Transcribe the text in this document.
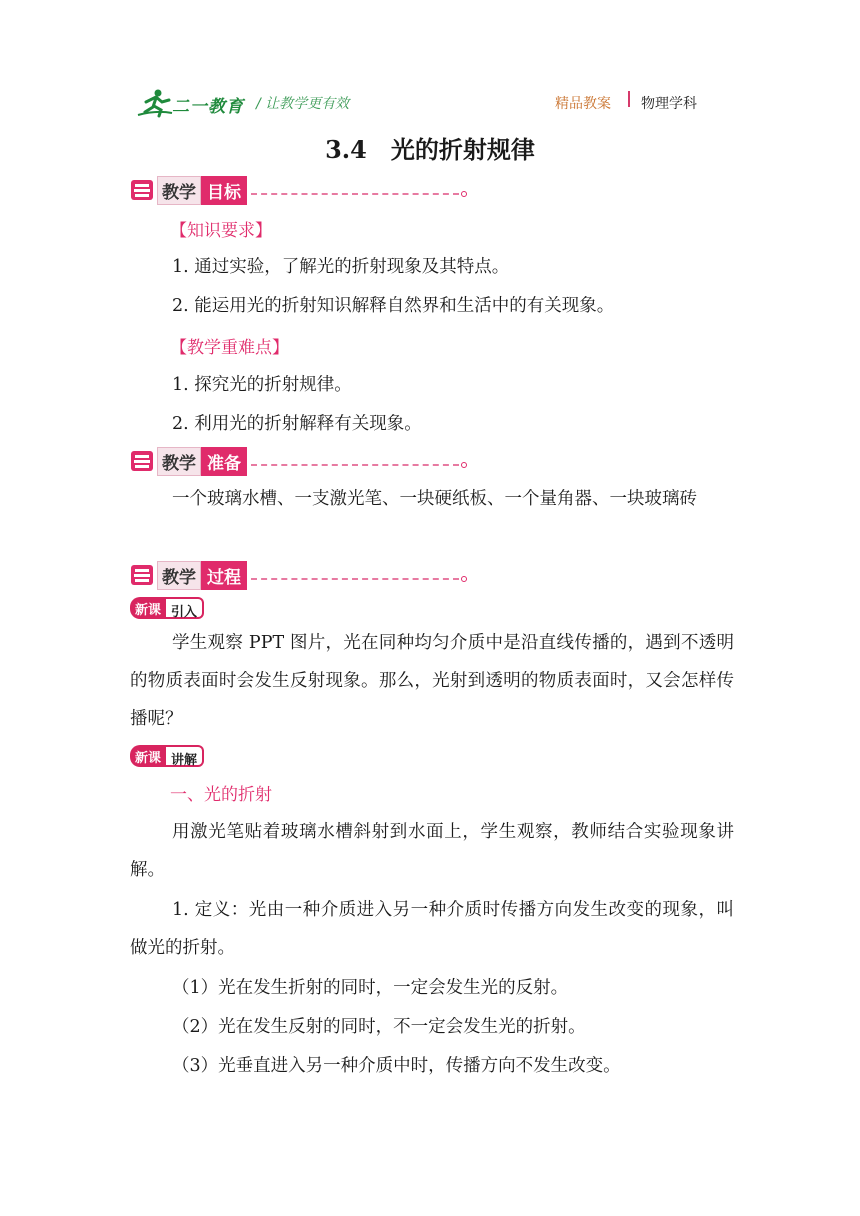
二一教育 / 让教学更有效	精品教案 物理学科
3.4　光的折射规律
教学 目标
【知识要求】
1. 通过实验，了解光的折射现象及其特点。
2. 能运用光的折射知识解释自然界和生活中的有关现象。
【教学重难点】
1. 探究光的折射规律。
2. 利用光的折射解释有关现象。
教学 准备
一个玻璃水槽、一支激光笔、一块硬纸板、一个量角器、一块玻璃砖
教学 过程
新课 引入
学生观察 PPT 图片，光在同种均匀介质中是沿直线传播的，遇到不透明的物质表面时会发生反射现象。那么，光射到透明的物质表面时，又会怎样传播呢？
新课 讲解
一、光的折射
用激光笔贴着玻璃水槽斜射到水面上，学生观察，教师结合实验现象讲解。
1. 定义：光由一种介质进入另一种介质时传播方向发生改变的现象，叫做光的折射。
（1）光在发生折射的同时，一定会发生光的反射。
（2）光在发生反射的同时，不一定会发生光的折射。
（3）光垂直进入另一种介质中时，传播方向不发生改变。
